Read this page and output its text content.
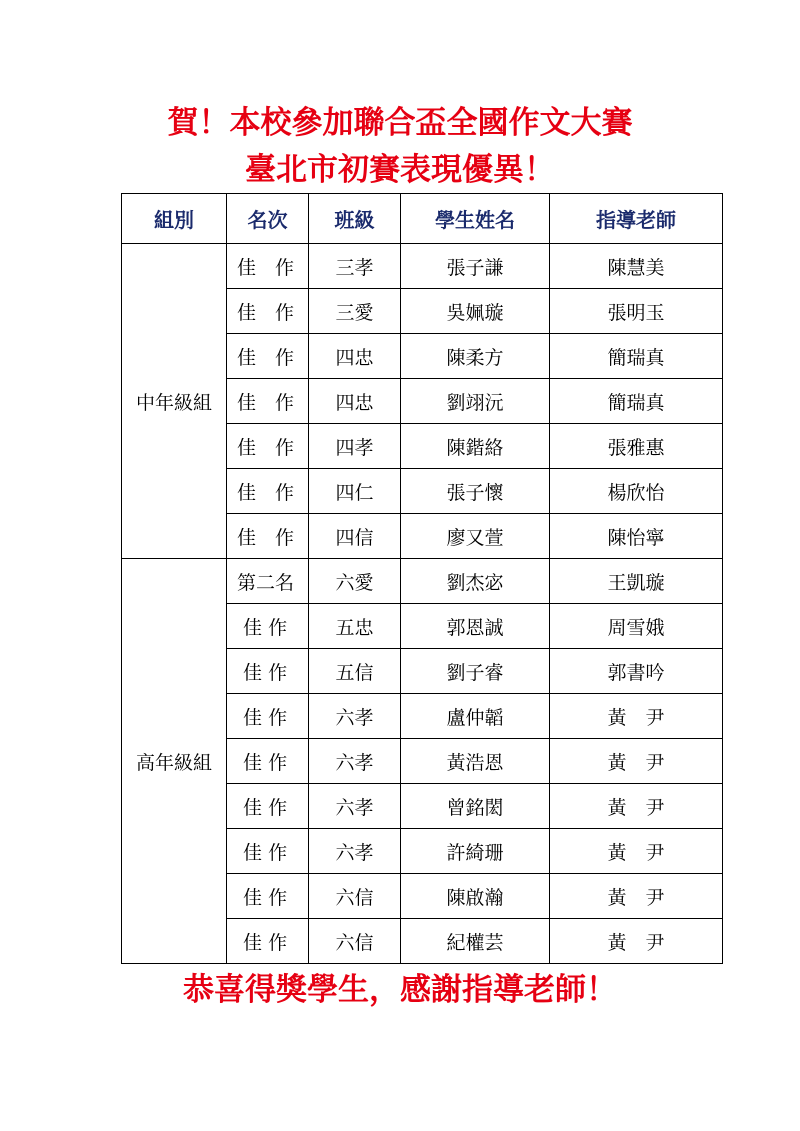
賀！本校參加聯合盃全國作文大賽
臺北市初賽表現優異！
組別	名次	班級	學生姓名	指導老師
中年級組	佳　作	三孝	張子謙	陳慧美
	佳　作	三愛	吳姵璇	張明玉
	佳　作	四忠	陳柔方	簡瑞真
	佳　作	四忠	劉翊沅	簡瑞真
	佳　作	四孝	陳鍇絡	張雅惠
	佳　作	四仁	張子懷	楊欣怡
	佳　作	四信	廖又萱	陳怡寧
高年級組	第二名	六愛	劉杰宓	王凱璇
	佳 作	五忠	郭恩誠	周雪娥
	佳 作	五信	劉子睿	郭書吟
	佳 作	六孝	盧仲韜	黃　尹
	佳 作	六孝	黃浩恩	黃　尹
	佳 作	六孝	曾銘閎	黃　尹
	佳 作	六孝	許綺珊	黃　尹
	佳 作	六信	陳啟瀚	黃　尹
	佳 作	六信	紀權芸	黃　尹
恭喜得獎學生，感謝指導老師！
